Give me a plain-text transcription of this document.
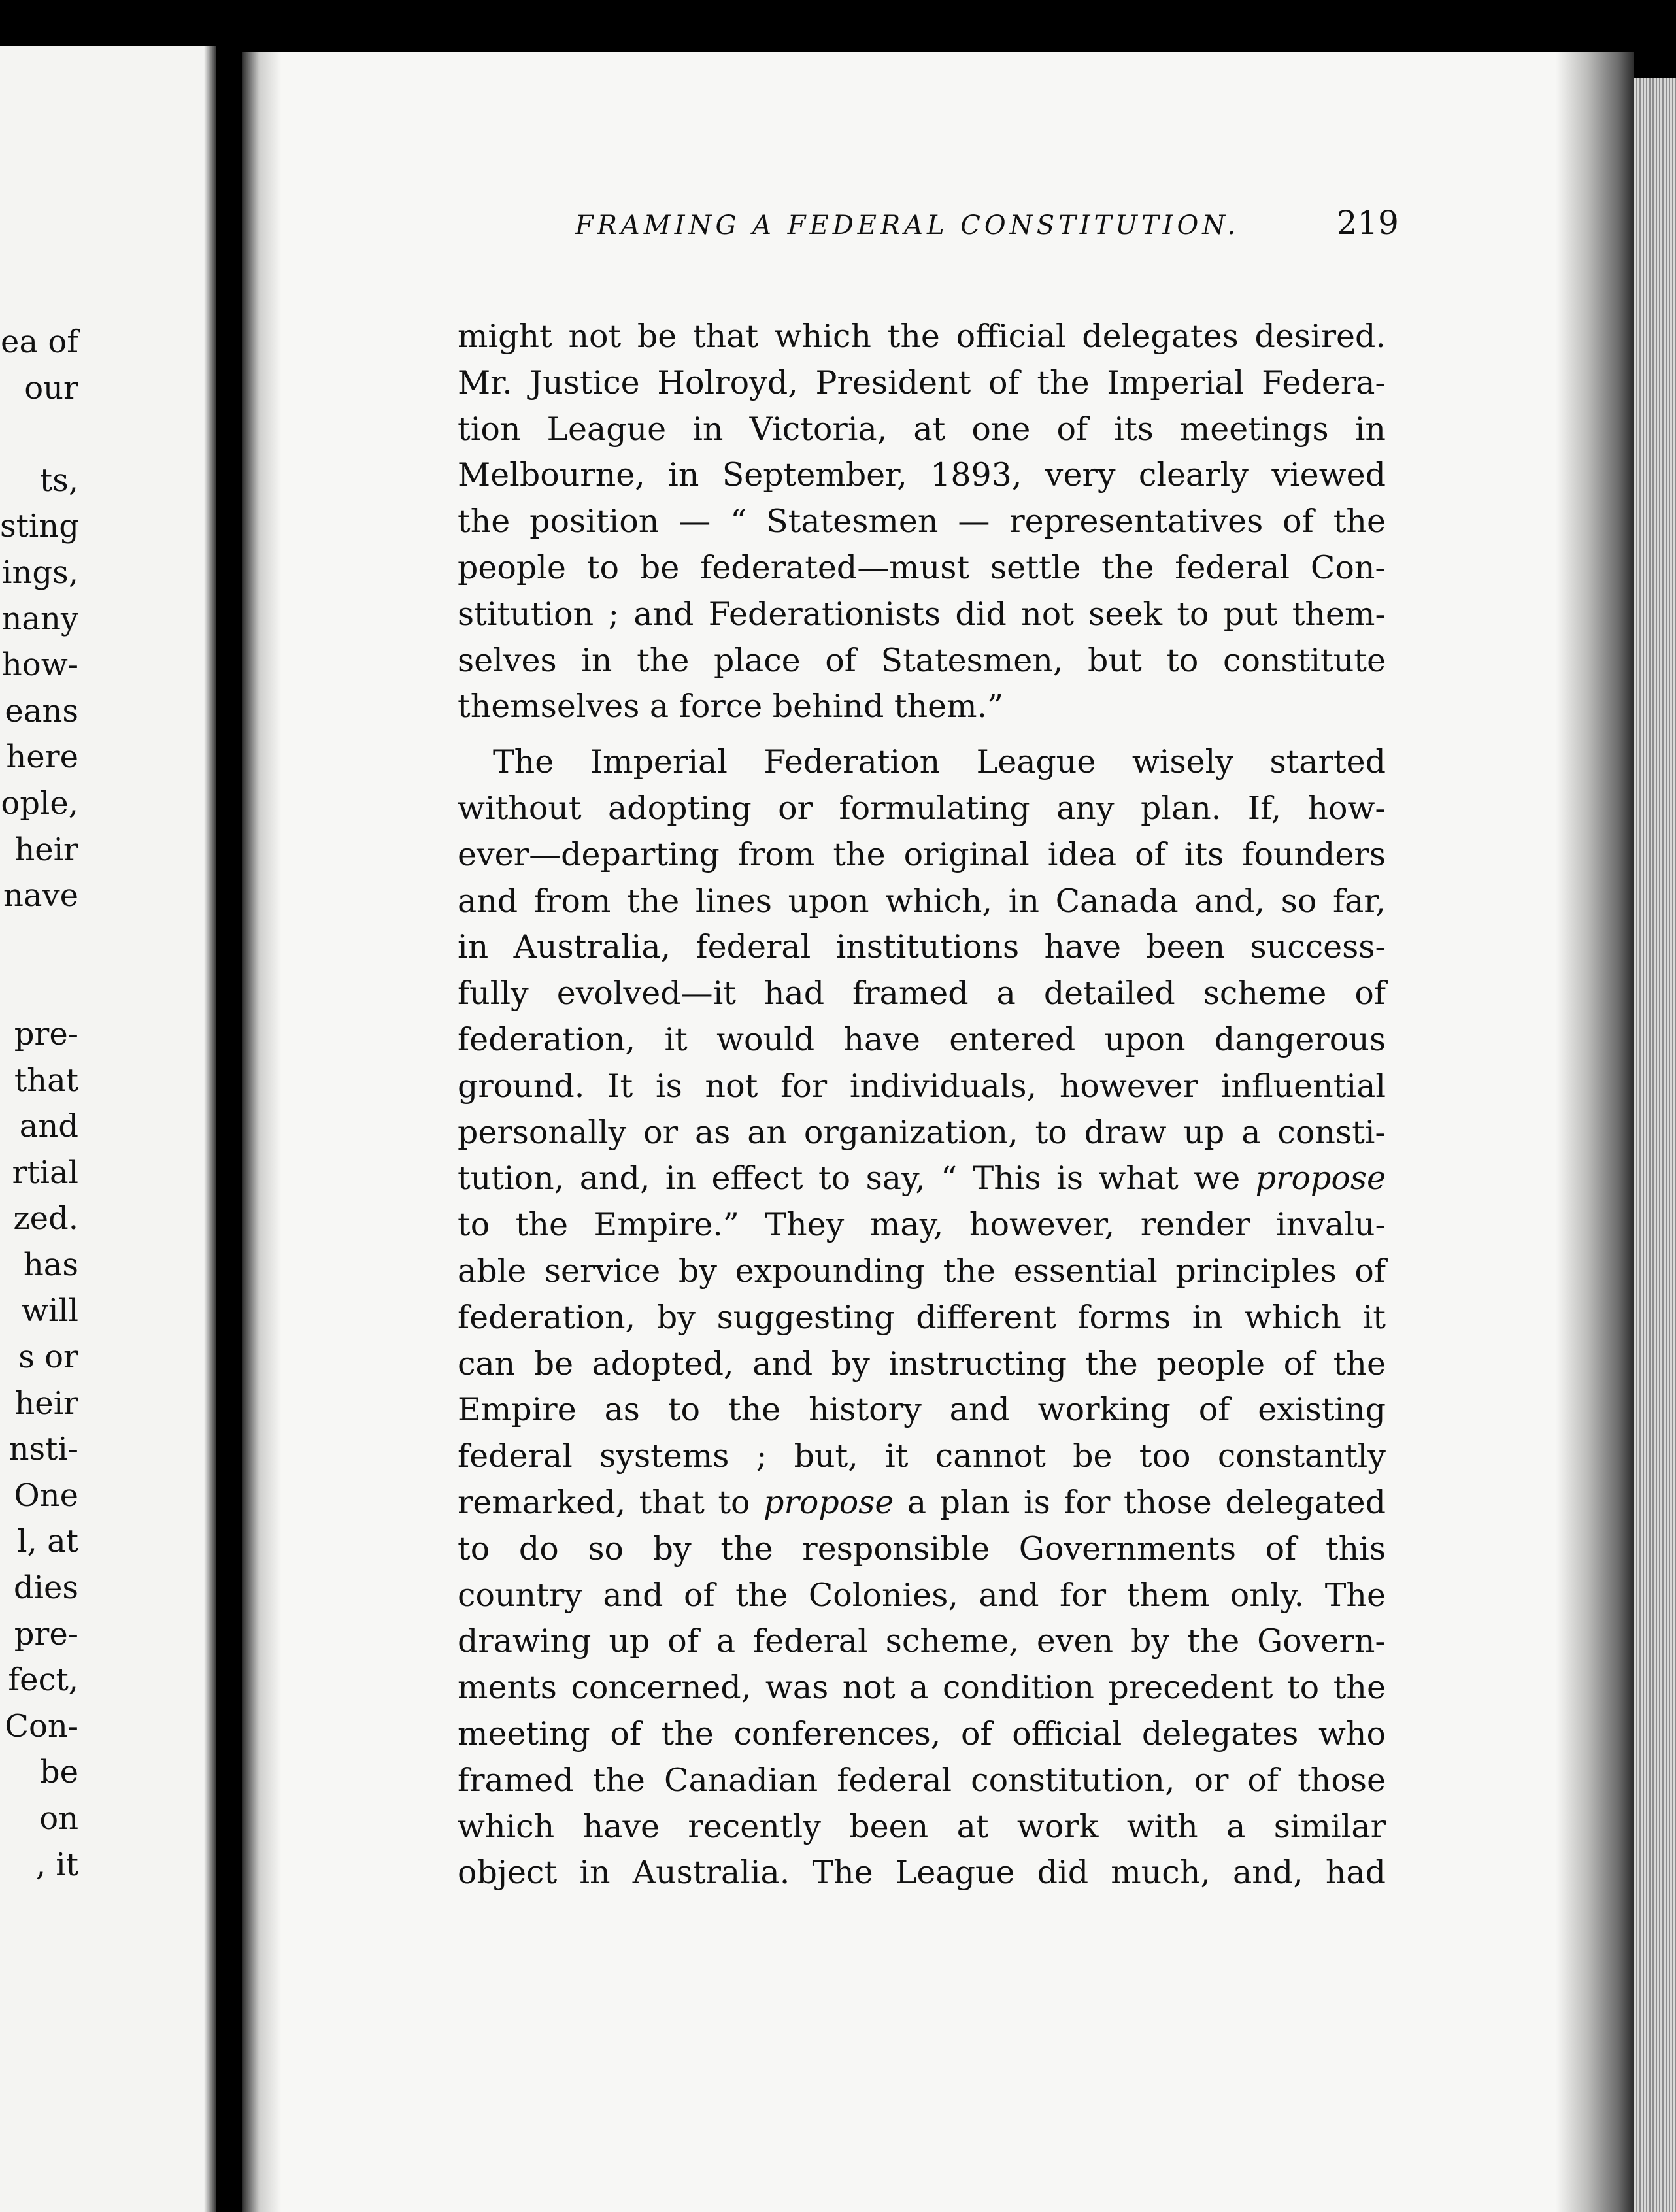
ea of
our
ts,
sting
ings,
nany
how-
eans
here
ople,
heir
nave
pre-
that
and
rtial
zed.
has
will
s or
heir
nsti-
One
l, at
dies
pre-
fect,
Con-
be
on
, it
FRAMING A FEDERAL CONSTITUTION.	219
might not be that which the official delegates desired.
Mr. Justice Holroyd, President of the Imperial Federa-
tion League in Victoria, at one of its meetings in
Melbourne, in September, 1893, very clearly viewed
the position — “ Statesmen — representatives of the
people to be federated—must settle the federal Con-
stitution ; and Federationists did not seek to put them-
selves in the place of Statesmen, but to constitute
themselves a force behind them.”
The Imperial Federation League wisely started
without adopting or formulating any plan. If, how-
ever—departing from the original idea of its founders
and from the lines upon which, in Canada and, so far,
in Australia, federal institutions have been success-
fully evolved—it had framed a detailed scheme of
federation, it would have entered upon dangerous
ground. It is not for individuals, however influential
personally or as an organization, to draw up a consti-
tution, and, in effect to say, “ This is what we propose
to the Empire.” They may, however, render invalu-
able service by expounding the essential principles of
federation, by suggesting different forms in which it
can be adopted, and by instructing the people of the
Empire as to the history and working of existing
federal systems ; but, it cannot be too constantly
remarked, that to propose a plan is for those delegated
to do so by the responsible Governments of this
country and of the Colonies, and for them only. The
drawing up of a federal scheme, even by the Govern-
ments concerned, was not a condition precedent to the
meeting of the conferences, of official delegates who
framed the Canadian federal constitution, or of those
which have recently been at work with a similar
object in Australia. The League did much, and, had
